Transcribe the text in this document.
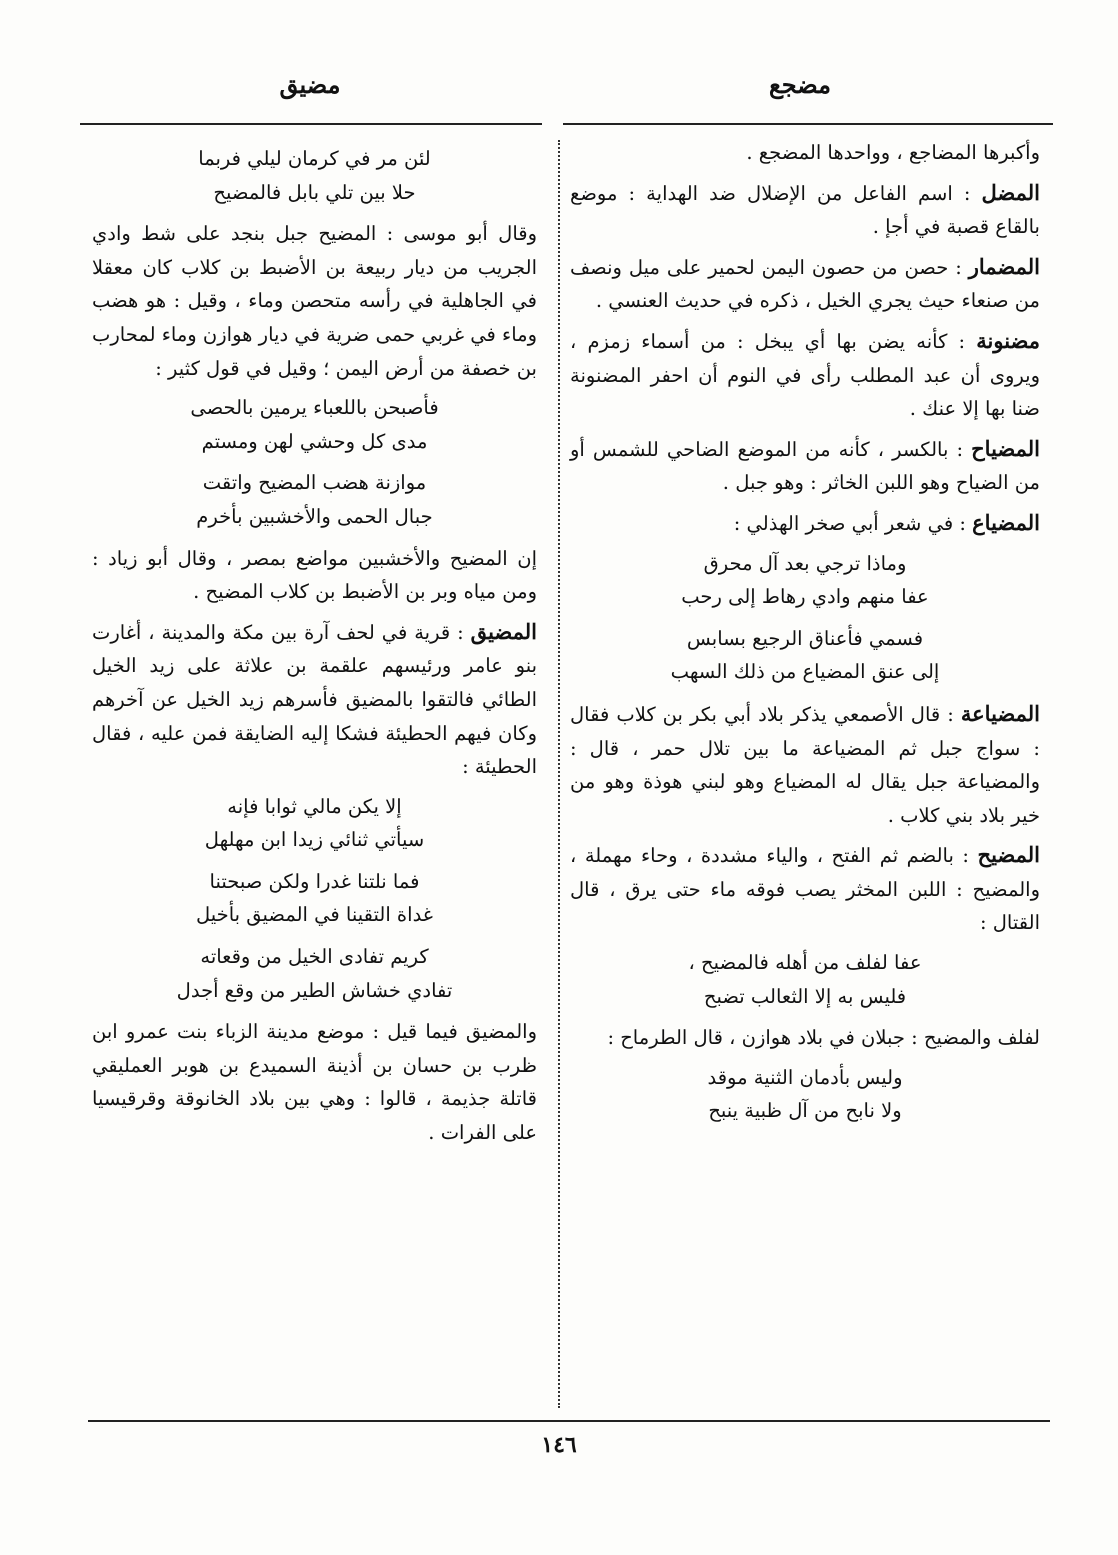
مضجع
مضيق

وأكبرها المضاجع ، وواحدها المضجع .

المضل : اسم الفاعل من الإضلال ضد الهداية : موضع بالقاع قصبة في أجإ .

المضمار : حصن من حصون اليمن لحمير على ميل ونصف من صنعاء حيث يجري الخيل ، ذكره في حديث العنسي .

مضنونة : كأنه يضن بها أي يبخل : من أسماء زمزم ، ويروى أن عبد المطلب رأى في النوم أن احفر المضنونة ضنا بها إلا عنك .

المضياح : بالكسر ، كأنه من الموضع الضاحي للشمس أو من الضياح وهو اللبن الخاثر : وهو جبل .

المضياع : في شعر أبي صخر الهذلي :

وماذا ترجي بعد آل محرق
عفا منهم وادي رهاط إلى رحب
فسمي فأعناق الرجيع بسابس
إلى عنق المضياع من ذلك السهب

المضياعة : قال الأصمعي يذكر بلاد أبي بكر بن كلاب فقال : سواج جبل ثم المضياعة ما بين تلال حمر ، قال : والمضياعة جبل يقال له المضياع وهو لبني هوذة وهو من خير بلاد بني كلاب .

المضيح : بالضم ثم الفتح ، والياء مشددة ، وحاء مهملة ، والمضيح : اللبن المخثر يصب فوقه ماء حتى يرق ، قال القتال :

عفا لفلف من أهله فالمضيح ،
فليس به إلا الثعالب تضبح

لفلف والمضيح : جبلان في بلاد هوازن ، قال الطرماح :

وليس بأدمان الثنية موقد
ولا نابح من آل ظبية ينبح
لئن مر في كرمان ليلي فربما
حلا بين تلي بابل فالمضيح

وقال أبو موسى : المضيح جبل بنجد على شط وادي الجريب من ديار ربيعة بن الأضبط بن كلاب كان معقلا في الجاهلية في رأسه متحصن وماء ، وقيل : هو هضب وماء في غربي حمى ضرية في ديار هوازن وماء لمحارب بن خصفة من أرض اليمن ؛ وقيل في قول كثير :

فأصبحن باللعباء يرمين بالحصى
مدى كل وحشي لهن ومستم
موازنة هضب المضيح واتقت
جبال الحمى والأخشبين بأخرم

إن المضيح والأخشبين مواضع بمصر ، وقال أبو زياد : ومن مياه وبر بن الأضبط بن كلاب المضيح .

المضيق : قرية في لحف آرة بين مكة والمدينة ، أغارت بنو عامر ورئيسهم علقمة بن علاثة على زيد الخيل الطائي فالتقوا بالمضيق فأسرهم زيد الخيل عن آخرهم وكان فيهم الحطيئة فشكا إليه الضايقة فمن عليه ، فقال الحطيئة :

إلا يكن مالي ثوابا فإنه
سيأتي ثنائي زيدا ابن مهلهل
فما نلتنا غدرا ولكن صبحتنا
غداة التقينا في المضيق بأخيل
كريم تفادى الخيل من وقعاته
تفادي خشاش الطير من وقع أجدل

والمضيق فيما قيل : موضع مدينة الزباء بنت عمرو ابن ظرب بن حسان بن أذينة السميدع بن هوبر العمليقي قاتلة جذيمة ، قالوا : وهي بين بلاد الخانوقة وقرقيسيا على الفرات .

١٤٦
